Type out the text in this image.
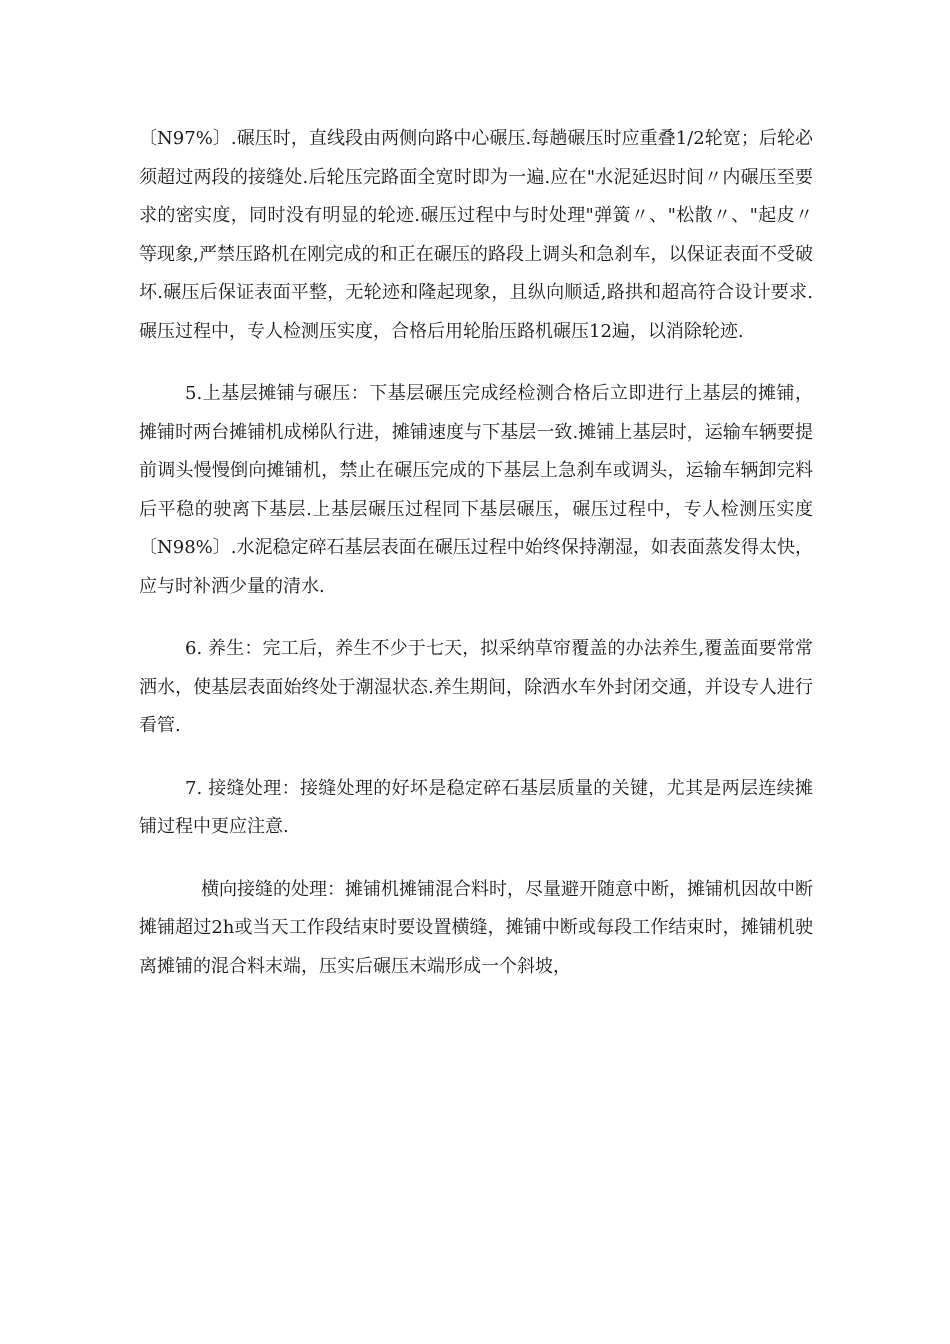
〔N97%〕.碾压时，直线段由两侧向路中心碾压.每趟碾压时应重叠1/2轮宽；后轮必须超过两段的接缝处.后轮压完路面全宽时即为一遍.应在"水泥延迟时间〃内碾压至要求的密实度，同时没有明显的轮迹.碾压过程中与时处理"弹簧〃、"松散〃、"起皮〃等现象,严禁压路机在刚完成的和正在碾压的路段上调头和急刹车，以保证表面不受破坏.碾压后保证表面平整，无轮迹和隆起现象，且纵向顺适,路拱和超高符合设计要求.碾压过程中，专人检测压实度，合格后用轮胎压路机碾压12遍，以消除轮迹.

5.上基层摊铺与碾压：下基层碾压完成经检测合格后立即进行上基层的摊铺，摊铺时两台摊铺机成梯队行进，摊铺速度与下基层一致.摊铺上基层时，运输车辆要提前调头慢慢倒向摊铺机，禁止在碾压完成的下基层上急刹车或调头，运输车辆卸完料后平稳的驶离下基层.上基层碾压过程同下基层碾压，碾压过程中，专人检测压实度〔N98%〕.水泥稳定碎石基层表面在碾压过程中始终保持潮湿，如表面蒸发得太快，应与时补洒少量的清水.

6. 养生：完工后，养生不少于七天，拟采纳草帘覆盖的办法养生,覆盖面要常常洒水，使基层表面始终处于潮湿状态.养生期间，除洒水车外封闭交通，并设专人进行看管.

7. 接缝处理：接缝处理的好坏是稳定碎石基层质量的关键，尤其是两层连续摊铺过程中更应注意.

横向接缝的处理：摊铺机摊铺混合料时，尽量避开随意中断，摊铺机因故中断摊铺超过2h或当天工作段结束时要设置横缝，摊铺中断或每段工作结束时，摊铺机驶离摊铺的混合料末端，压实后碾压末端形成一个斜坡，
